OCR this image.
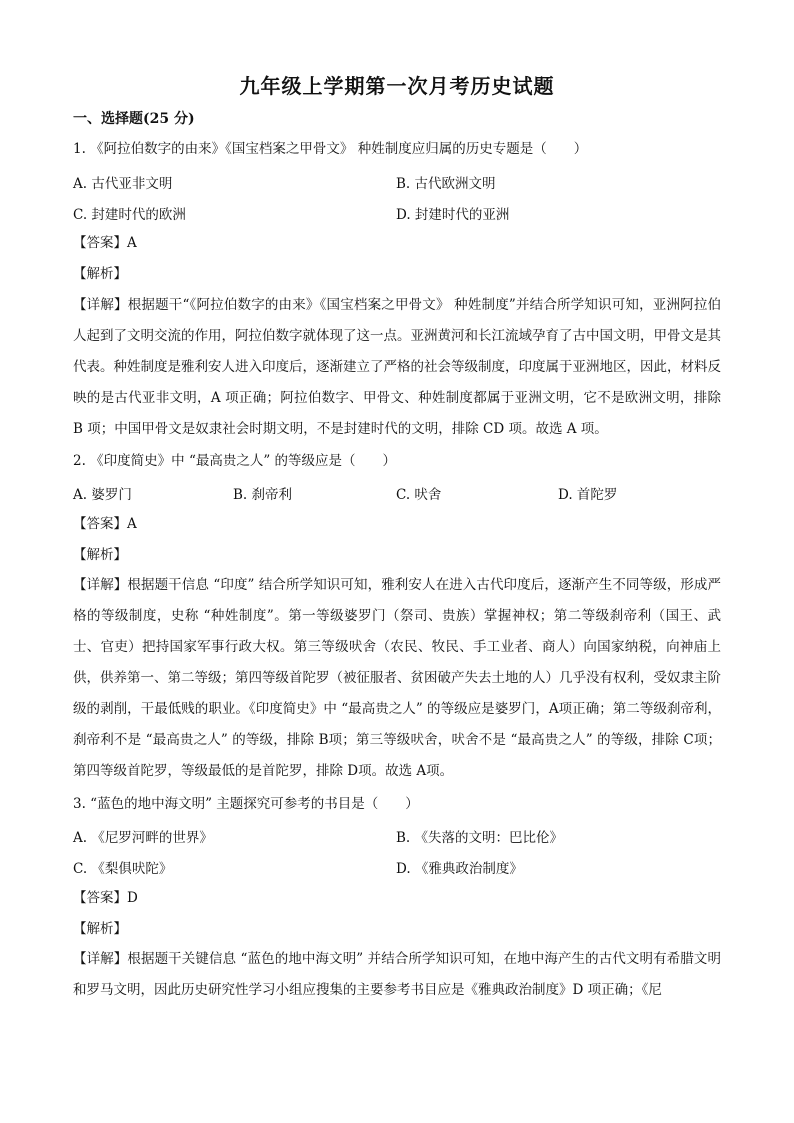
九年级上学期第一次月考历史试题
一、选择题(25 分)
1. 《阿拉伯数字的由来》《国宝档案之甲骨文》 种姓制度应归属的历史专题是（　　）
A. 古代亚非文明	B. 古代欧洲文明
C. 封建时代的欧洲	D. 封建时代的亚洲
【答案】A
【解析】
【详解】根据题干“《阿拉伯数字的由来》《国宝档案之甲骨文》 种姓制度”并结合所学知识可知，亚洲阿拉伯人起到了文明交流的作用，阿拉伯数字就体现了这一点。亚洲黄河和长江流域孕育了古中国文明，甲骨文是其代表。种姓制度是雅利安人进入印度后，逐渐建立了严格的社会等级制度，印度属于亚洲地区，因此，材料反映的是古代亚非文明，A 项正确；阿拉伯数字、甲骨文、种姓制度都属于亚洲文明，它不是欧洲文明，排除 B 项；中国甲骨文是奴隶社会时期文明，不是封建时代的文明，排除 CD 项。故选 A 项。
2. 《印度简史》中 “最高贵之人” 的等级应是（　　）
A. 婆罗门	B. 刹帝利	C. 吠舍	D. 首陀罗
【答案】A
【解析】
【详解】根据题干信息 “印度” 结合所学知识可知，雅利安人在进入古代印度后，逐渐产生不同等级，形成严格的等级制度，史称 “种姓制度”。第一等级婆罗门（祭司、贵族）掌握神权；第二等级刹帝利（国王、武士、官吏）把持国家军事行政大权。第三等级吠舍（农民、牧民、手工业者、商人）向国家纳税，向神庙上供，供养第一、第二等级；第四等级首陀罗（被征服者、贫困破产失去土地的人）几乎没有权利，受奴隶主阶级的剥削，干最低贱的职业。《印度简史》中 “最高贵之人” 的等级应是婆罗门，A项正确；第二等级刹帝利，刹帝利不是 “最高贵之人” 的等级，排除 B项；第三等级吠舍，吠舍不是 “最高贵之人” 的等级，排除 C项；第四等级首陀罗，等级最低的是首陀罗，排除 D项。故选 A项。
3. “蓝色的地中海文明” 主题探究可参考的书目是（　　）
A. 《尼罗河畔的世界》	B. 《失落的文明：巴比伦》
C. 《梨俱吠陀》	D. 《雅典政治制度》
【答案】D
【解析】
【详解】根据题干关键信息 “蓝色的地中海文明” 并结合所学知识可知，在地中海产生的古代文明有希腊文明和罗马文明，因此历史研究性学习小组应搜集的主要参考书目应是《雅典政治制度》D 项正确；《尼
